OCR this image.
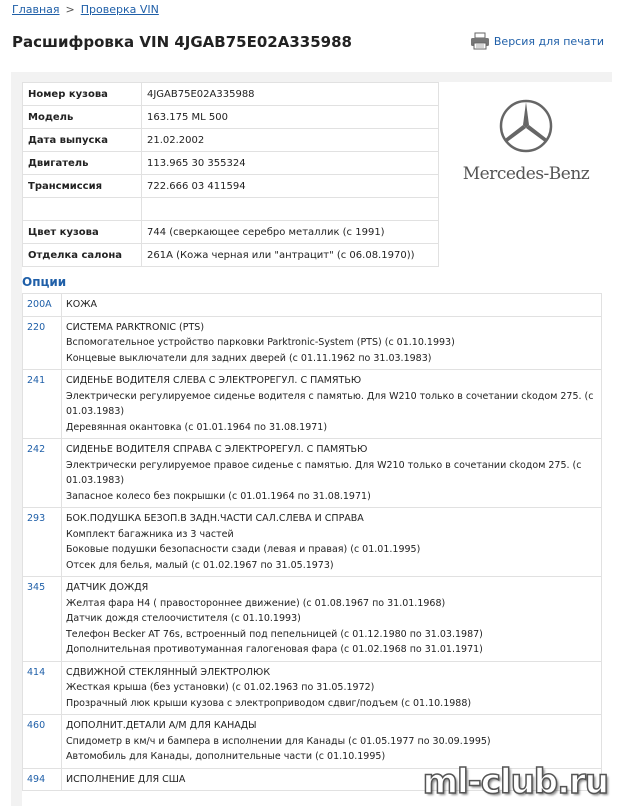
Главная > Проверка VIN
Расшифровка VIN 4JGAB75E02A335988	Версия для печати
Номер кузова	4JGAB75E02A335988
Модель	163.175 ML 500
Дата выпуска	21.02.2002
Двигатель	113.965 30 355324
Трансмиссия	722.666 03 411594

Цвет кузова	744 (сверкающее серебро металлик (с 1991)
Отделка салона	261A (Кожа черная или "антрацит" (с 06.08.1970))
Mercedes-Benz
Опции
200A	КОЖА

220	СИСТЕМА PARKTRONIC (PTS)
Вспомогательное устройство парковки Parktronic-System (PTS) (с 01.10.1993)
Концевые выключатели для задних дверей (с 01.11.1962 по 31.03.1983)

241	СИДЕНЬЕ ВОДИТЕЛЯ СЛЕВА С ЭЛЕКТРОРЕГУЛ. С ПАМЯТЬЮ
Электрически регулируемое сиденье водителя с памятью. Для W210 только в сочетании сkодом 275. (с 01.03.1983)
Деревянная окантовка (с 01.01.1964 по 31.08.1971)

242	СИДЕНЬЕ ВОДИТЕЛЯ СПРАВА С ЭЛЕКТРОРЕГУЛ. С ПАМЯТЬЮ
Электрически регулируемое правое сиденье с памятью. Для W210 только в сочетании сkодом 275. (с 01.03.1983)
Запасное колесо без покрышки (с 01.01.1964 по 31.08.1971)

293	БОК.ПОДУШКА БЕЗОП.В ЗАДН.ЧАСТИ САЛ.СЛЕВА И СПРАВА
Комплект багажника из 3 частей
Боковые подушки безопасности сзади (левая и правая) (с 01.01.1995)
Отсек для белья, малый (с 01.02.1967 по 31.05.1973)

345	ДАТЧИК ДОЖДЯ
Желтая фара H4 ( правостороннее движение) (с 01.08.1967 по 31.01.1968)
Датчик дождя стелоочистителя (с 01.10.1993)
Телефон Becker AT 76s, встроенный под пепельницей (с 01.12.1980 по 31.03.1987)
Дополнительная противотуманная галогеновая фара (с 01.02.1968 по 31.01.1971)

414	СДВИЖНОЙ СТЕКЛЯННЫЙ ЭЛЕКТРОЛЮК
Жесткая крыша (без установки) (с 01.02.1963 по 31.05.1972)
Прозрачный люк крыши кузова с электроприводом сдвиг/подъем (с 01.10.1988)

460	ДОПОЛНИТ.ДЕТАЛИ А/М ДЛЯ КАНАДЫ
Спидометр в км/ч и бампера в исполнении для Канады (с 01.05.1977 по 30.09.1995)
Автомобиль для Канады, дополнительные части (с 01.10.1995)

494	ИСПОЛНЕНИЕ ДЛЯ США	ml-club.ru
